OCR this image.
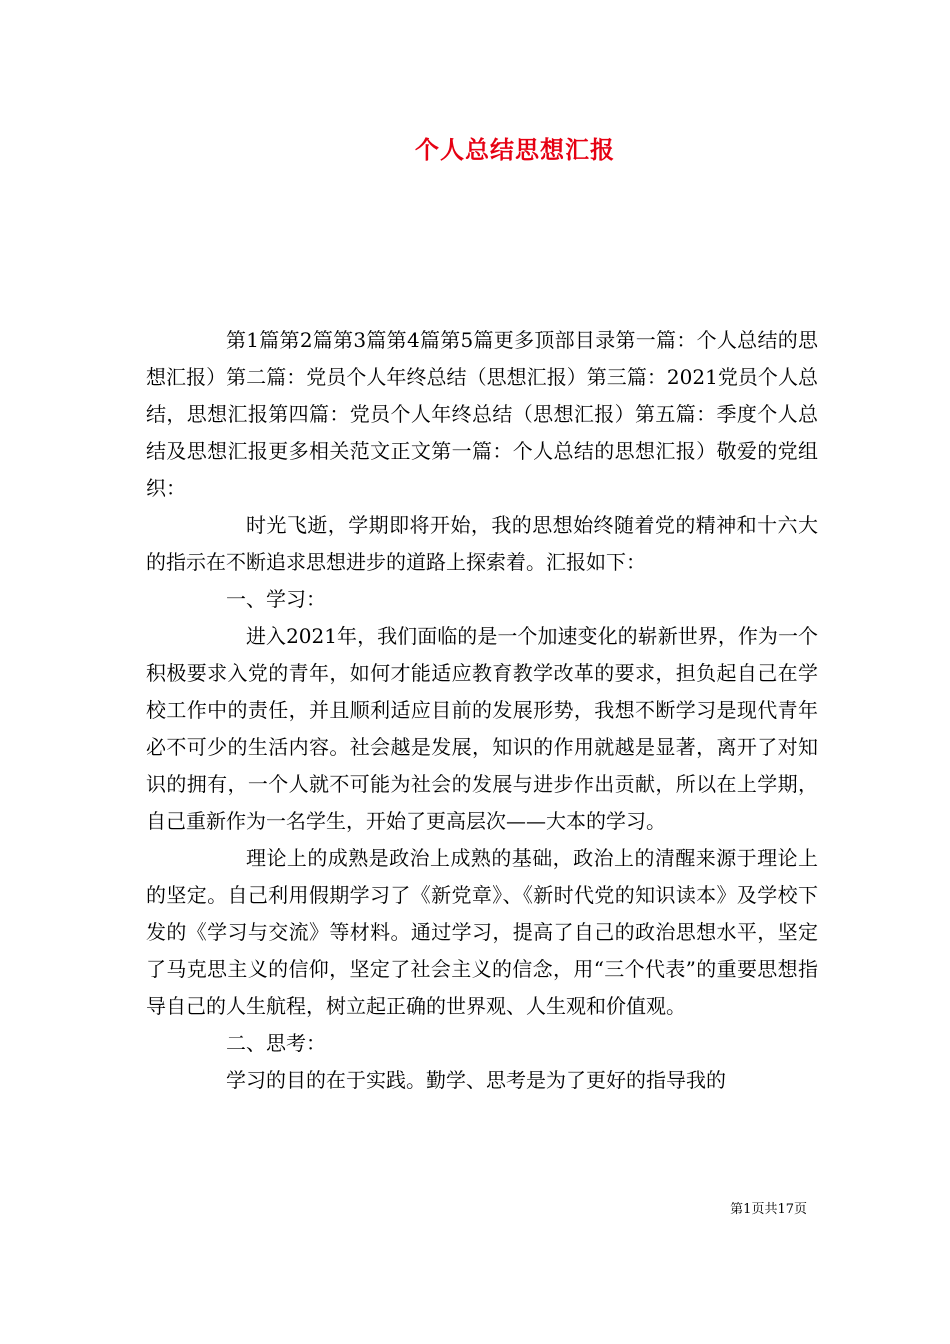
个人总结思想汇报

第1篇第2篇第3篇第4篇第5篇更多顶部目录第一篇：个人总结的思想汇报）第二篇：党员个人年终总结（思想汇报）第三篇：2021党员个人总结，思想汇报第四篇：党员个人年终总结（思想汇报）第五篇：季度个人总结及思想汇报更多相关范文正文第一篇：个人总结的思想汇报）敬爱的党组织：

时光飞逝，学期即将开始，我的思想始终随着党的精神和十六大的指示在不断追求思想进步的道路上探索着。汇报如下：

一、学习：

进入2021年，我们面临的是一个加速变化的崭新世界，作为一个积极要求入党的青年，如何才能适应教育教学改革的要求，担负起自己在学校工作中的责任，并且顺利适应目前的发展形势，我想不断学习是现代青年必不可少的生活内容。社会越是发展，知识的作用就越是显著，离开了对知识的拥有，一个人就不可能为社会的发展与进步作出贡献，所以在上学期，自己重新作为一名学生，开始了更高层次——大本的学习。

理论上的成熟是政治上成熟的基础，政治上的清醒来源于理论上的坚定。自己利用假期学习了《新党章》、《新时代党的知识读本》及学校下发的《学习与交流》等材料。通过学习，提高了自己的政治思想水平，坚定了马克思主义的信仰，坚定了社会主义的信念，用“三个代表”的重要思想指导自己的人生航程，树立起正确的世界观、人生观和价值观。

二、思考：

学习的目的在于实践。勤学、思考是为了更好的指导我的

第1页共17页
